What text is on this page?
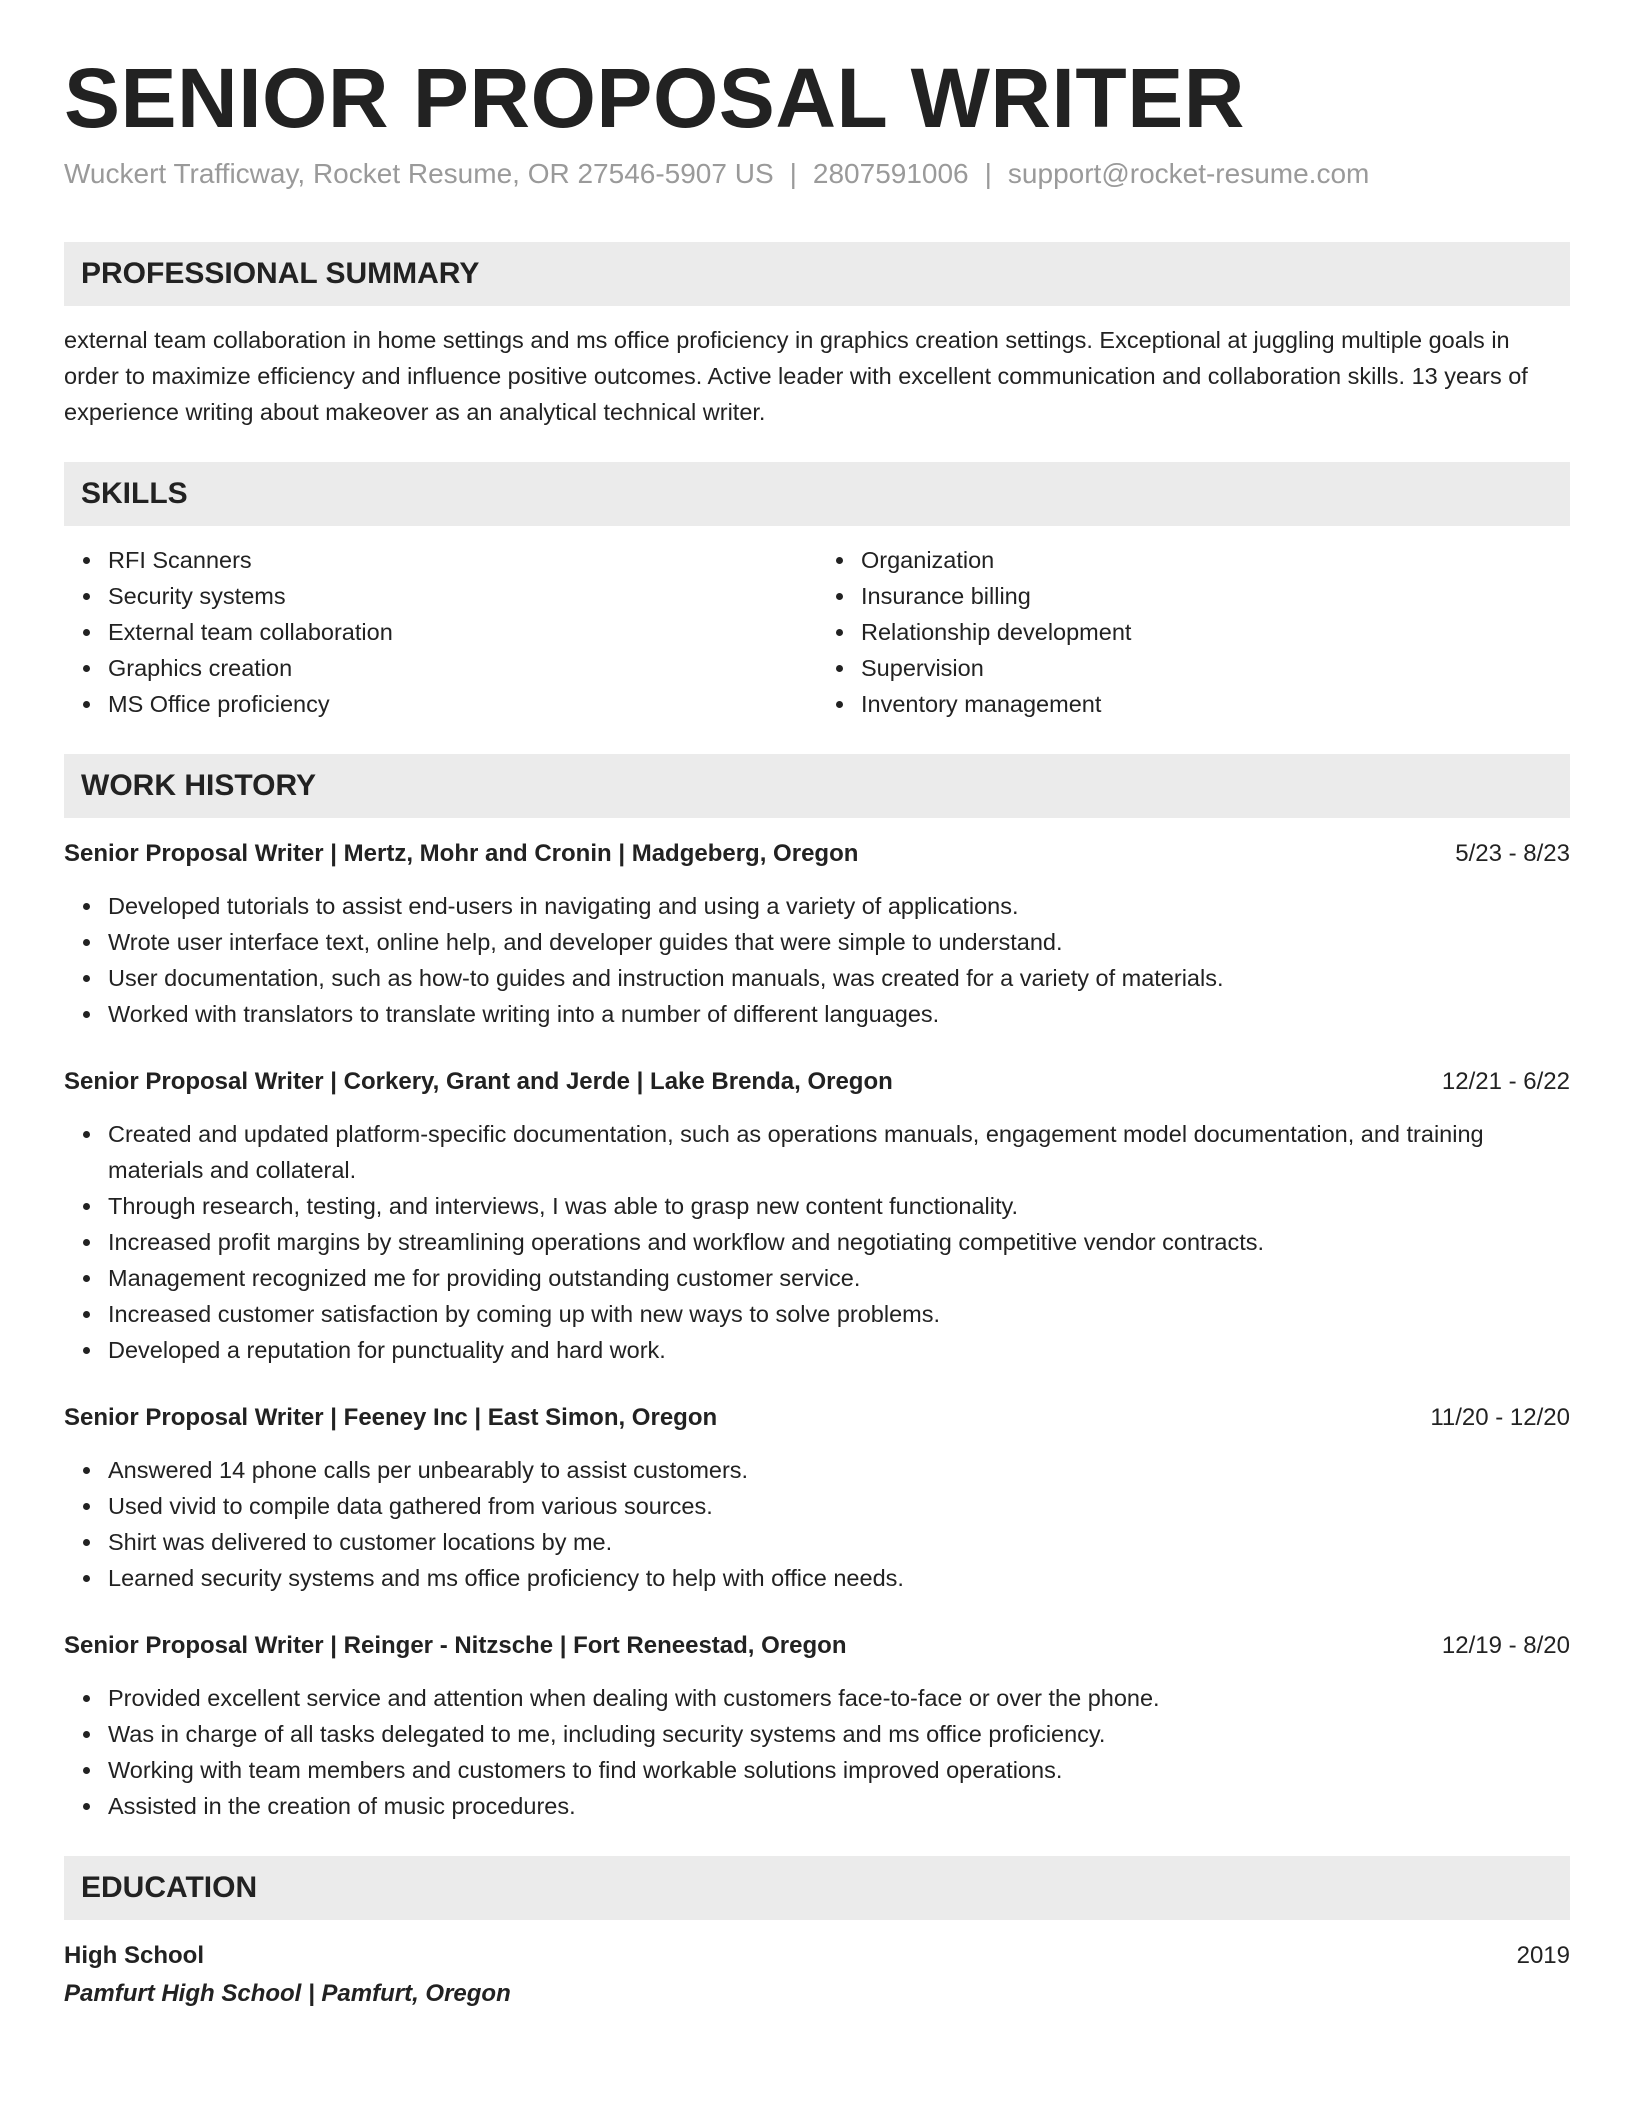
SENIOR PROPOSAL WRITER
Wuckert Trafficway, Rocket Resume, OR 27546-5907 US | 2807591006 | support@rocket-resume.com
PROFESSIONAL SUMMARY
external team collaboration in home settings and ms office proficiency in graphics creation settings. Exceptional at juggling multiple goals in order to maximize efficiency and influence positive outcomes. Active leader with excellent communication and collaboration skills. 13 years of experience writing about makeover as an analytical technical writer.
SKILLS
RFI Scanners
Security systems
External team collaboration
Graphics creation
MS Office proficiency
Organization
Insurance billing
Relationship development
Supervision
Inventory management
WORK HISTORY
Senior Proposal Writer | Mertz, Mohr and Cronin | Madgeberg, Oregon	5/23 - 8/23
Developed tutorials to assist end-users in navigating and using a variety of applications.
Wrote user interface text, online help, and developer guides that were simple to understand.
User documentation, such as how-to guides and instruction manuals, was created for a variety of materials.
Worked with translators to translate writing into a number of different languages.
Senior Proposal Writer | Corkery, Grant and Jerde | Lake Brenda, Oregon	12/21 - 6/22
Created and updated platform-specific documentation, such as operations manuals, engagement model documentation, and training materials and collateral.
Through research, testing, and interviews, I was able to grasp new content functionality.
Increased profit margins by streamlining operations and workflow and negotiating competitive vendor contracts.
Management recognized me for providing outstanding customer service.
Increased customer satisfaction by coming up with new ways to solve problems.
Developed a reputation for punctuality and hard work.
Senior Proposal Writer | Feeney Inc | East Simon, Oregon	11/20 - 12/20
Answered 14 phone calls per unbearably to assist customers.
Used vivid to compile data gathered from various sources.
Shirt was delivered to customer locations by me.
Learned security systems and ms office proficiency to help with office needs.
Senior Proposal Writer | Reinger - Nitzsche | Fort Reneestad, Oregon	12/19 - 8/20
Provided excellent service and attention when dealing with customers face-to-face or over the phone.
Was in charge of all tasks delegated to me, including security systems and ms office proficiency.
Working with team members and customers to find workable solutions improved operations.
Assisted in the creation of music procedures.
EDUCATION
High School	2019
Pamfurt High School | Pamfurt, Oregon
